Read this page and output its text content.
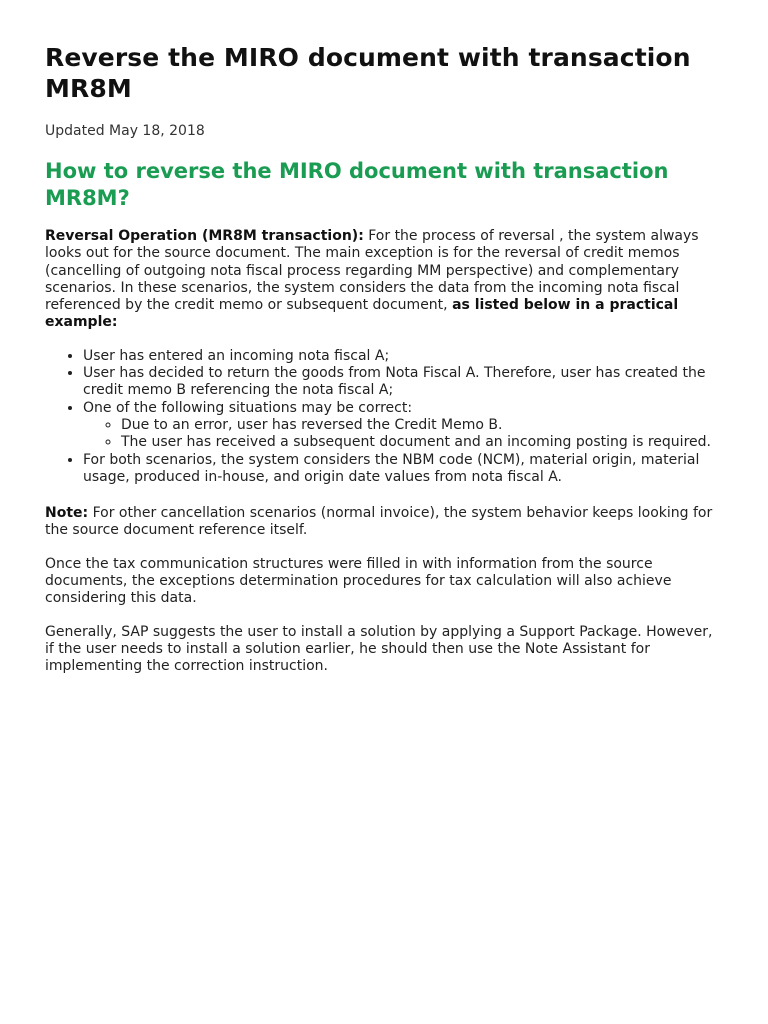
Reverse the MIRO document with transaction MR8M
Updated May 18, 2018
How to reverse the MIRO document with transaction MR8M?

Reversal Operation (MR8M transaction): For the process of reversal , the system always looks out for the source document. The main exception is for the reversal of credit memos (cancelling of outgoing nota fiscal process regarding MM perspective) and complementary scenarios. In these scenarios, the system considers the data from the incoming nota fiscal referenced by the credit memo or subsequent document, as listed below in a practical example:

• User has entered an incoming nota fiscal A;
• User has decided to return the goods from Nota Fiscal A. Therefore, user has created the credit memo B referencing the nota fiscal A;
• One of the following situations may be correct:
◦ Due to an error, user has reversed the Credit Memo B.
◦ The user has received a subsequent document and an incoming posting is required.
• For both scenarios, the system considers the NBM code (NCM), material origin, material usage, produced in-house, and origin date values from nota fiscal A.

Note: For other cancellation scenarios (normal invoice), the system behavior keeps looking for the source document reference itself.

Once the tax communication structures were filled in with information from the source documents, the exceptions determination procedures for tax calculation will also achieve considering this data.

Generally, SAP suggests the user to install a solution by applying a Support Package. However, if the user needs to install a solution earlier, he should then use the Note Assistant for implementing the correction instruction.
